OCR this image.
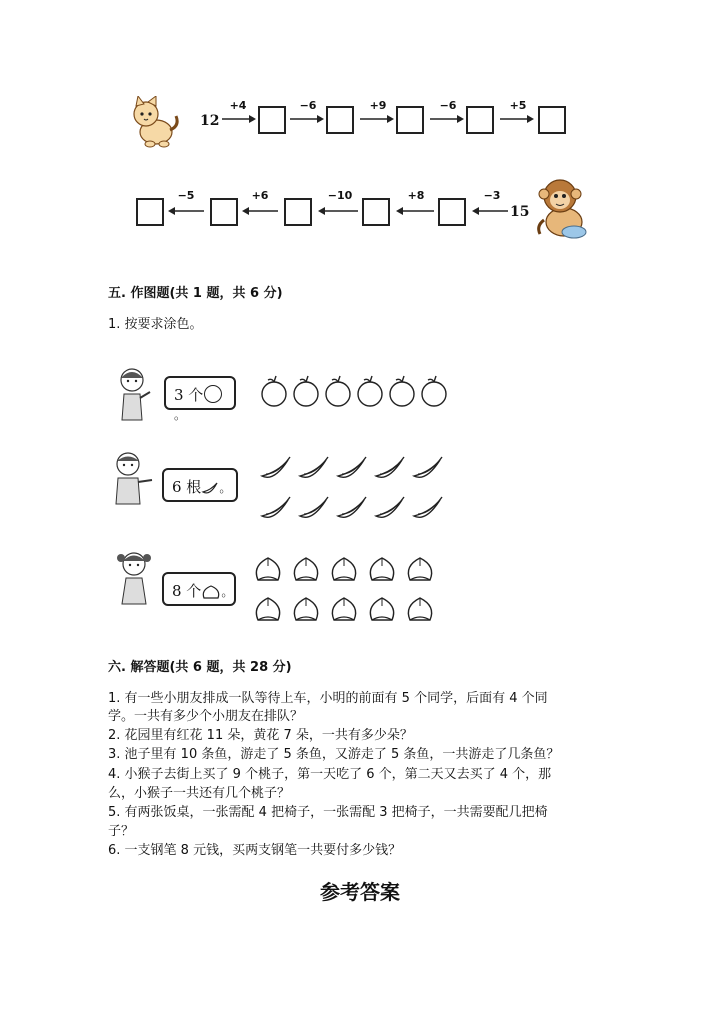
12
+4	−6	+9	−6	+5
−5	+6	−10	+8	−3
15
五. 作图题(共 1 题，共 6 分)
1. 按要求涂色。
3 个。
6 根 。
8 个 。
六. 解答题(共 6 题，共 28 分)
1. 有一些小朋友排成一队等待上车，小明的前面有 5 个同学，后面有 4 个同
学。一共有多少个小朋友在排队？
2. 花园里有红花 11 朵，黄花 7 朵，一共有多少朵？
3. 池子里有 10 条鱼，游走了 5 条鱼，又游走了 5 条鱼，一共游走了几条鱼？
4. 小猴子去街上买了 9 个桃子，第一天吃了 6 个，第二天又去买了 4 个，那
么，小猴子一共还有几个桃子？
5. 有两张饭桌，一张需配 4 把椅子，一张需配 3 把椅子，一共需要配几把椅
子？
6. 一支钢笔 8 元钱，买两支钢笔一共要付多少钱？
参考答案
